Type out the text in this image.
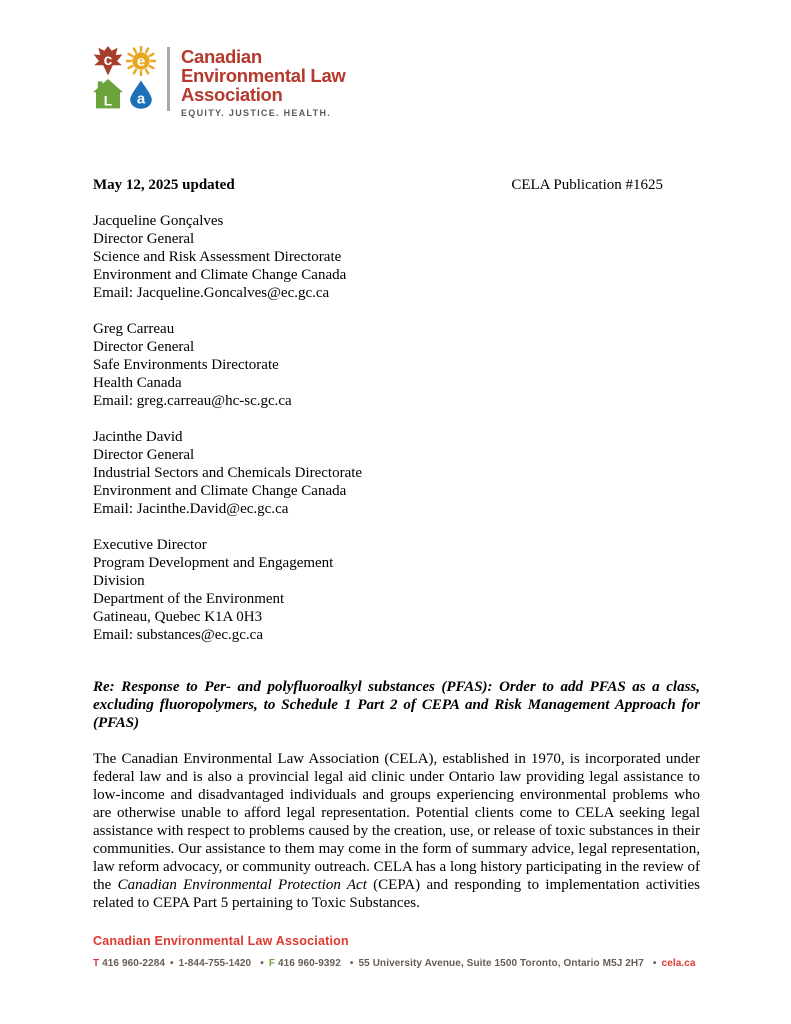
c e
L a
Canadian
Environmental Law
Association
EQUITY. JUSTICE. HEALTH.
May 12, 2025 updated	CELA Publication #1625
Jacqueline Gonçalves
Director General
Science and Risk Assessment Directorate
Environment and Climate Change Canada
Email: Jacqueline.Goncalves@ec.gc.ca
Greg Carreau
Director General
Safe Environments Directorate
Health Canada
Email: greg.carreau@hc-sc.gc.ca
Jacinthe David
Director General
Industrial Sectors and Chemicals Directorate
Environment and Climate Change Canada
Email: Jacinthe.David@ec.gc.ca
Executive Director
Program Development and Engagement
Division
Department of the Environment
Gatineau, Quebec K1A 0H3
Email: substances@ec.gc.ca
Re: Response to Per- and polyfluoroalkyl substances (PFAS): Order to add PFAS as a class, excluding fluoropolymers, to Schedule 1 Part 2 of CEPA and Risk Management Approach for (PFAS)
The Canadian Environmental Law Association (CELA), established in 1970, is incorporated under federal law and is also a provincial legal aid clinic under Ontario law providing legal assistance to low-income and disadvantaged individuals and groups experiencing environmental problems who are otherwise unable to afford legal representation. Potential clients come to CELA seeking legal assistance with respect to problems caused by the creation, use, or release of toxic substances in their communities. Our assistance to them may come in the form of summary advice, legal representation, law reform advocacy, or community outreach. CELA has a long history participating in the review of the Canadian Environmental Protection Act (CEPA) and responding to implementation activities related to CEPA Part 5 pertaining to Toxic Substances.
Canadian Environmental Law Association
T 416 960-2284 • 1-844-755-1420 • F 416 960-9392 • 55 University Avenue, Suite 1500 Toronto, Ontario M5J 2H7 • cela.ca
